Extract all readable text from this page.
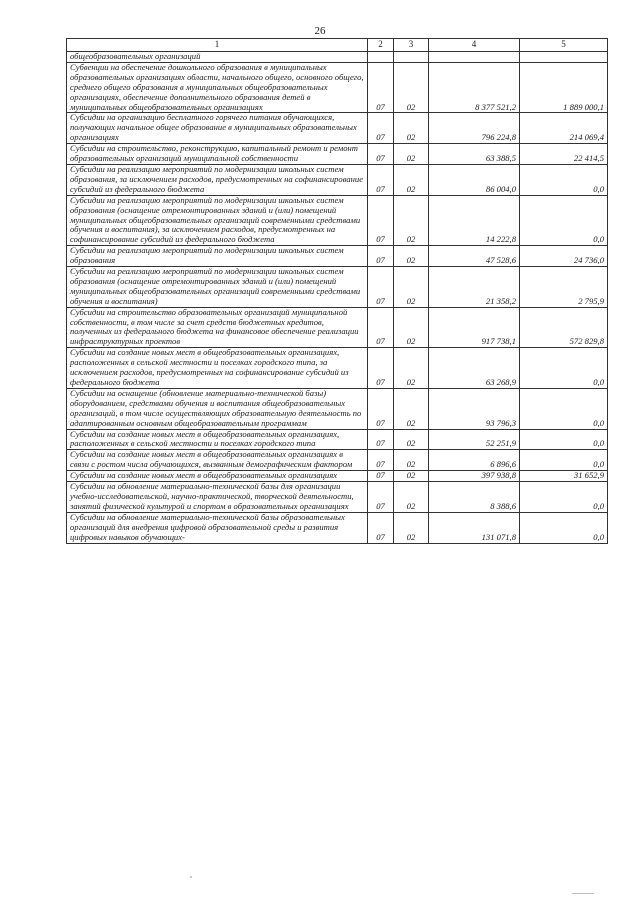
26
1	2	3	4	5
общеобразовательных организаций				
Субвенции на обеспечение дошкольного образования в муниципальных образовательных организациях области, начального общего, основного общего, среднего общего образования в муниципальных общеобразовательных организациях, обеспечение дополнительного образования детей в муниципальных общеобразовательных организациях	07	02	8 377 521,2	1 889 000,1
Субсидии на организацию бесплатного горячего питания обучающихся, получающих начальное общее образование в муниципальных образовательных организациях	07	02	796 224,8	214 069,4
Субсидии на строительство, реконструкцию, капитальный ремонт и ремонт образовательных организаций муниципальной собственности	07	02	63 388,5	22 414,5
Субсидии на реализацию мероприятий по модернизации школьных систем образования, за исключением расходов, предусмотренных на софинансирование субсидий из федерального бюджета	07	02	86 004,0	0,0
Субсидии на реализацию мероприятий по модернизации школьных систем образования (оснащение отремонтированных зданий и (или) помещений муниципальных общеобразовательных организаций современными средствами обучения и воспитания), за исключением расходов, предусмотренных на софинансирование субсидий из федерального бюджета	07	02	14 222,8	0,0
Субсидии на реализацию мероприятий по модернизации школьных систем образования	07	02	47 528,6	24 736,0
Субсидии на реализацию мероприятий по модернизации школьных систем образования (оснащение отремонтированных зданий и (или) помещений муниципальных общеобразовательных организаций современными средствами обучения и воспитания)	07	02	21 358,2	2 795,9
Субсидии на строительство образовательных организаций муниципальной собственности, в том числе за счет средств бюджетных кредитов, полученных из федерального бюджета на финансовое обеспечение реализации инфраструктурных проектов	07	02	917 738,1	572 829,8
Субсидии на создание новых мест в общеобразовательных организациях, расположенных в сельской местности и поселках городского типа, за исключением расходов, предусмотренных на софинансирование субсидий из федерального бюджета	07	02	63 268,9	0,0
Субсидии на оснащение (обновление материально-технической базы) оборудованием, средствами обучения и воспитания общеобразовательных организаций, в том числе осуществляющих образовательную деятельность по адаптированным основным общеобразовательным программам	07	02	93 796,3	0,0
Субсидии на создание новых мест в общеобразовательных организациях, расположенных в сельской местности и поселках городского типа	07	02	52 251,9	0,0
Субсидии на создание новых мест в общеобразовательных организациях в связи с ростом числа обучающихся, вызванным демографическим фактором	07	02	6 896,6	0,0
Субсидии на создание новых мест в общеобразовательных организациях	07	02	397 938,8	31 652,9
Субсидии на обновление материально-технической базы для организации учебно-исследовательской, научно-практической, творческой деятельности, занятий физической культурой и спортом в образовательных организациях	07	02	8 388,6	0,0
Субсидии на обновление материально-технической базы образовательных организаций для внедрения цифровой образовательной среды и развития цифровых навыков обучающих-	07	02	131 071,8	0,0
